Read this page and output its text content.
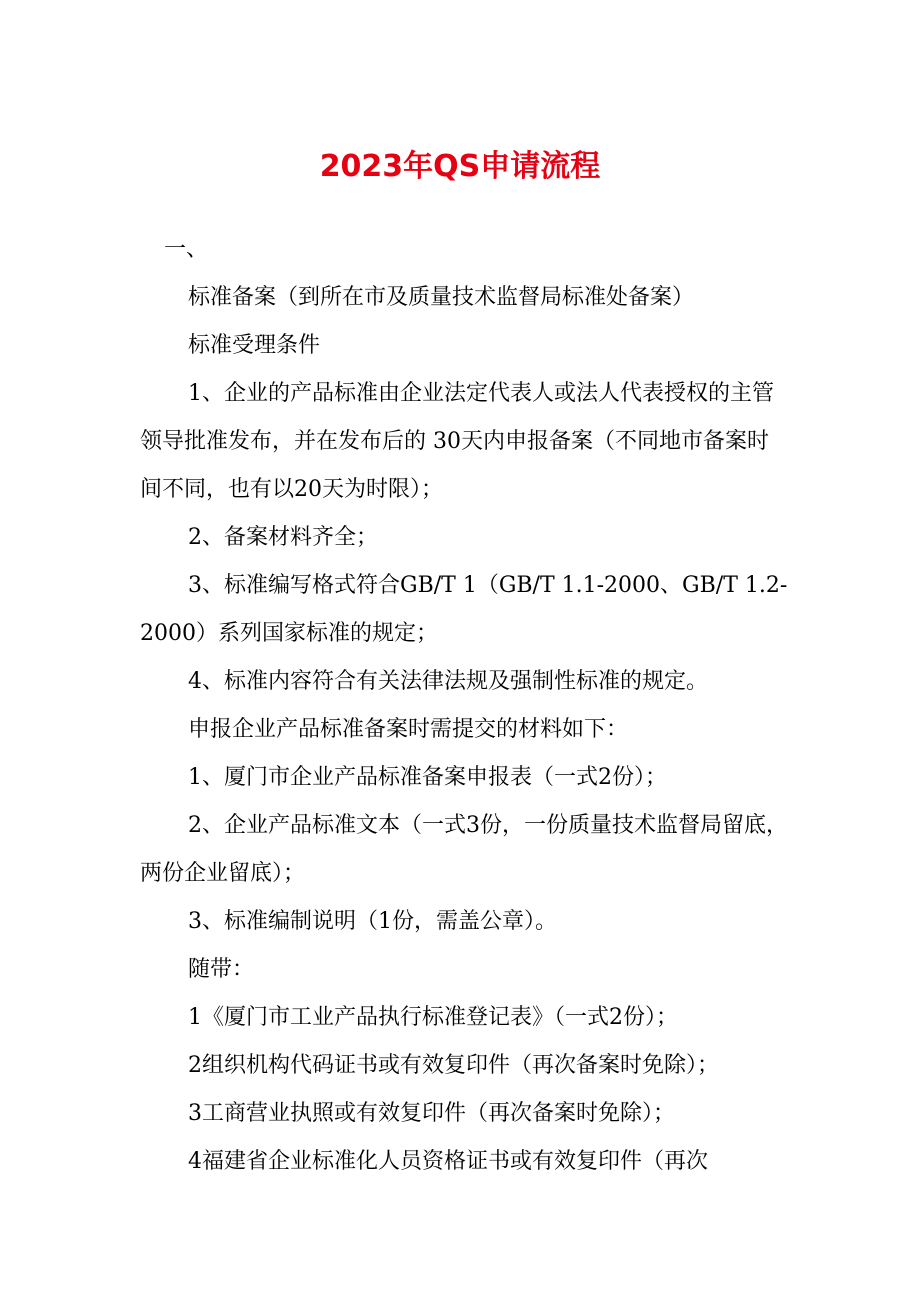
2023年QS申请流程

一、

标准备案（到所在市及质量技术监督局标准处备案）

标准受理条件

1、企业的产品标准由企业法定代表人或法人代表授权的主管领导批准发布，并在发布后的 30天内申报备案（不同地市备案时间不同，也有以20天为时限）；

2、备案材料齐全；

3、标准编写格式符合GB/T 1（GB/T 1.1-2000、GB/T 1.2-2000）系列国家标准的规定；

4、标准内容符合有关法律法规及强制性标准的规定。

申报企业产品标准备案时需提交的材料如下：

1、厦门市企业产品标准备案申报表（一式2份）；

2、企业产品标准文本（一式3份，一份质量技术监督局留底，两份企业留底）；

3、标准编制说明（1份，需盖公章）。

随带：

1《厦门市工业产品执行标准登记表》（一式2份）；

2组织机构代码证书或有效复印件（再次备案时免除）；

3工商营业执照或有效复印件（再次备案时免除）；

4福建省企业标准化人员资格证书或有效复印件（再次
